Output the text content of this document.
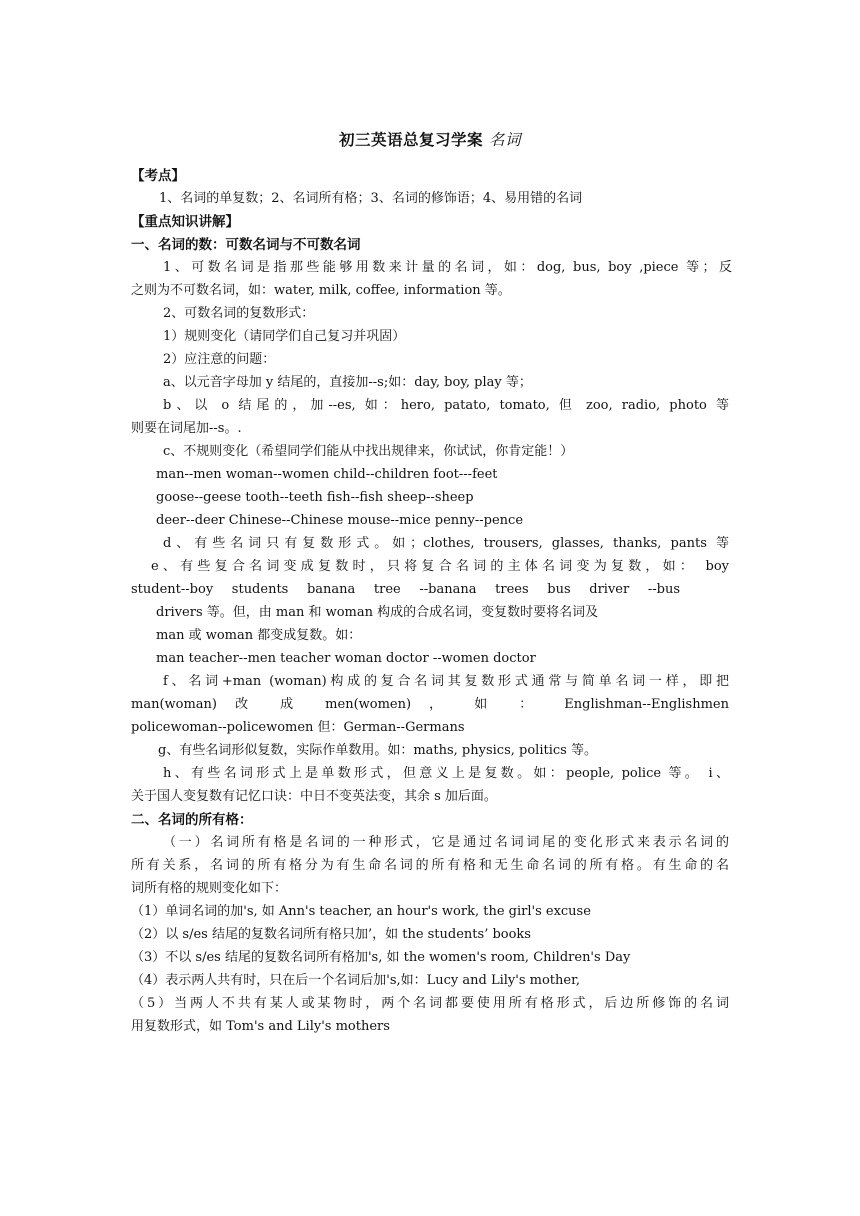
初三英语总复习学案 名词
【考点】
1、名词的单复数；2、名词所有格；3、名词的修饰语；4、易用错的名词
【重点知识讲解】
一、名词的数：可数名词与不可数名词
1、可数名词是指那些能够用数来计量的名词，如：dog, bus, boy ,piece 等；反
之则为不可数名词，如：water, milk, coffee, information 等。
2、可数名词的复数形式：
1）规则变化（请同学们自己复习并巩固）
2）应注意的问题：
a、以元音字母加 y 结尾的，直接加--s;如：day, boy, play 等；
b、以 o 结尾的，加--es, 如：hero, patato, tomato, 但 zoo, radio, photo 等
则要在词尾加--s。.
c、不规则变化（希望同学们能从中找出规律来，你试试，你肯定能！）
man--men woman--women child--children foot---feet
goose--geese tooth--teeth fish--fish sheep--sheep
deer--deer Chinese--Chinese mouse--mice penny--pence
d、有些名词只有复数形式。如；clothes, trousers, glasses, thanks, pants 等
e、有些复合名词变成复数时，只将复合名词的主体名词变为复数，如： boy
student--boy students banana tree --banana trees bus driver --bus
drivers 等。但，由 man 和 woman 构成的合成名词，变复数时要将名词及
man 或 woman 都变成复数。如：
man teacher--men teacher woman doctor --women doctor
f、名词+man (woman)构成的复合名词其复数形式通常与简单名词一样，即把
man(woman) 改 成 men(women) ， 如 ： Englishman--Englishmen
policewoman--policewomen 但：German--Germans
g、有些名词形似复数，实际作单数用。如：maths, physics, politics 等。
h、有些名词形式上是单数形式，但意义上是复数。如：people, police 等。 i、
关于国人变复数有记忆口诀：中日不变英法变，其余 s 加后面。
二、名词的所有格：
（一）名词所有格是名词的一种形式，它是通过名词词尾的变化形式来表示名词的
所有关系，名词的所有格分为有生命名词的所有格和无生命名词的所有格。有生命的名
词所有格的规则变化如下：
（1）单词名词的加's, 如 Ann's teacher, an hour's work, the girl's excuse
（2）以 s/es 结尾的复数名词所有格只加’，如 the students’ books
（3）不以 s/es 结尾的复数名词所有格加's, 如 the women's room, Children's Day
（4）表示两人共有时，只在后一个名词后加's,如：Lucy and Lily's mother,
（5）当两人不共有某人或某物时，两个名词都要使用所有格形式，后边所修饰的名词
用复数形式，如 Tom's and Lily's mothers
